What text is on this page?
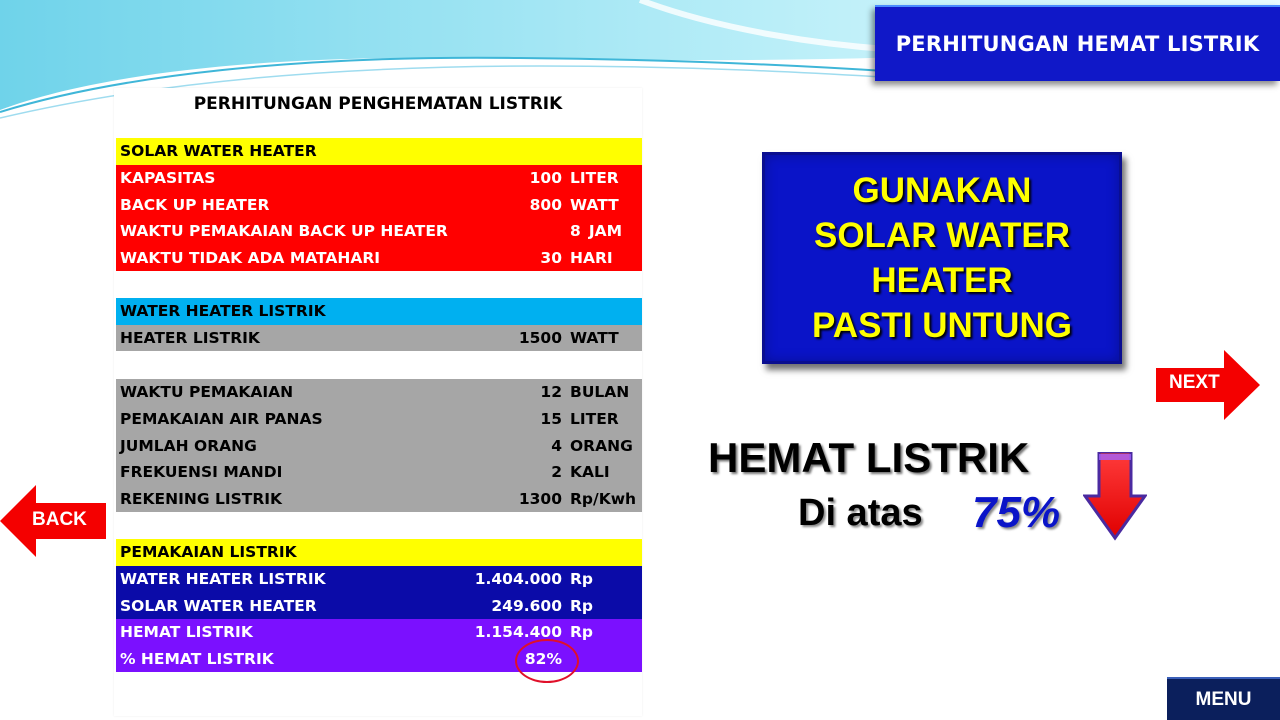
PERHITUNGAN HEMAT LISTRIK
PERHITUNGAN PENGHEMATAN LISTRIK
SOLAR WATER HEATER
KAPASITAS	100 LITER
BACK UP HEATER	800 WATT
WAKTU PEMAKAIAN BACK UP HEATER	8 JAM
WAKTU TIDAK ADA MATAHARI	30 HARI
WATER HEATER LISTRIK
HEATER LISTRIK	1500 WATT
WAKTU PEMAKAIAN	12 BULAN
PEMAKAIAN AIR PANAS	15 LITER
JUMLAH ORANG	4 ORANG
FREKUENSI MANDI	2 KALI
REKENING LISTRIK	1300 Rp/Kwh
PEMAKAIAN LISTRIK
WATER HEATER LISTRIK	1.404.000 Rp
SOLAR WATER HEATER	249.600 Rp
HEMAT LISTRIK	1.154.400 Rp
% HEMAT LISTRIK	82%
GUNAKAN
SOLAR WATER
HEATER
PASTI UNTUNG
HEMAT LISTRIK
Di atas 75%
NEXT
BACK
MENU
